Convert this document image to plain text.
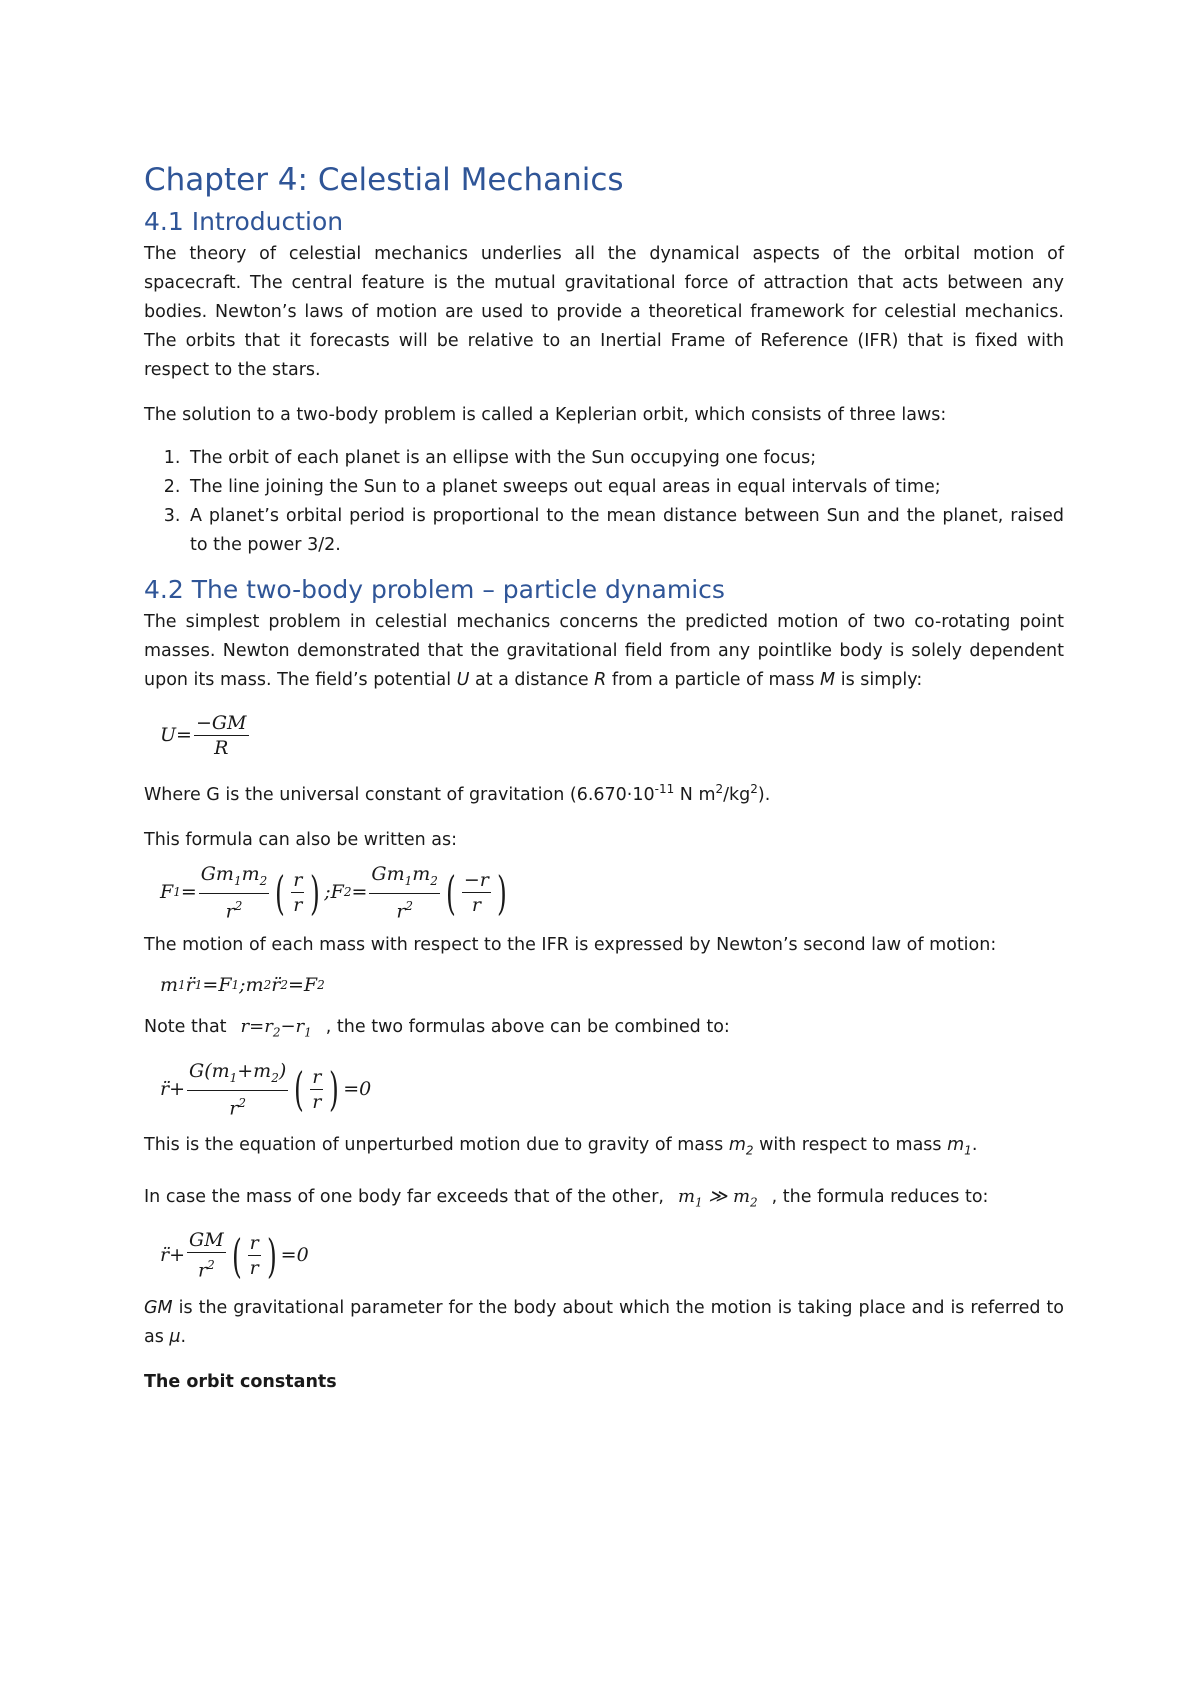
Chapter 4: Celestial Mechanics
4.1 Introduction

The theory of celestial mechanics underlies all the dynamical aspects of the orbital motion of spacecraft. The central feature is the mutual gravitational force of attraction that acts between any bodies. Newton’s laws of motion are used to provide a theoretical framework for celestial mechanics. The orbits that it forecasts will be relative to an Inertial Frame of Reference (IFR) that is fixed with respect to the stars.

The solution to a two-body problem is called a Keplerian orbit, which consists of three laws:

1. The orbit of each planet is an ellipse with the Sun occupying one focus;
2. The line joining the Sun to a planet sweeps out equal areas in equal intervals of time;
3. A planet’s orbital period is proportional to the mean distance between Sun and the planet, raised to the power 3/2.
4.2 The two-body problem – particle dynamics

The simplest problem in celestial mechanics concerns the predicted motion of two co-rotating point masses. Newton demonstrated that the gravitational field from any pointlike body is solely dependent upon its mass. The field’s potential U at a distance R from a particle of mass M is simply:

$U= \frac{-GM}{R}$

Where G is the universal constant of gravitation ($6.670\cdot 10^{-11}$ N $m^2/kg^2$).

This formula can also be written as:

F $1 = \frac{Gm_1m_2}{r^2}$ ( $\frac{r}{r}$ ) ; F $2 = \frac{Gm_1m_2}{r^2}$ ( $\frac{-r}{r}$ )

The motion of each mass with respect to the IFR is expressed by Newton’s second law of motion:

m 1 r̈ 1 =F 1 ; m 2 r̈ 2 =F 2

Note that $r=r_2-r_1$ , the two formulas above can be combined to:

r̈+ $\frac{G(m_1+m_2)}{r^2}$ ( $\frac{r}{r}$ ) =0

This is the equation of unperturbed motion due to gravity of mass $m_2$ with respect to mass $m_1$.

In case the mass of one body far exceeds that of the other, $m_1$ ≫ $m_2$ , the formula reduces to:

r̈+ $\frac{GM}{r^2}$ ( $\frac{r}{r}$ ) =0

GM is the gravitational parameter for the body about which the motion is taking place and is referred to as μ.

The orbit constants
